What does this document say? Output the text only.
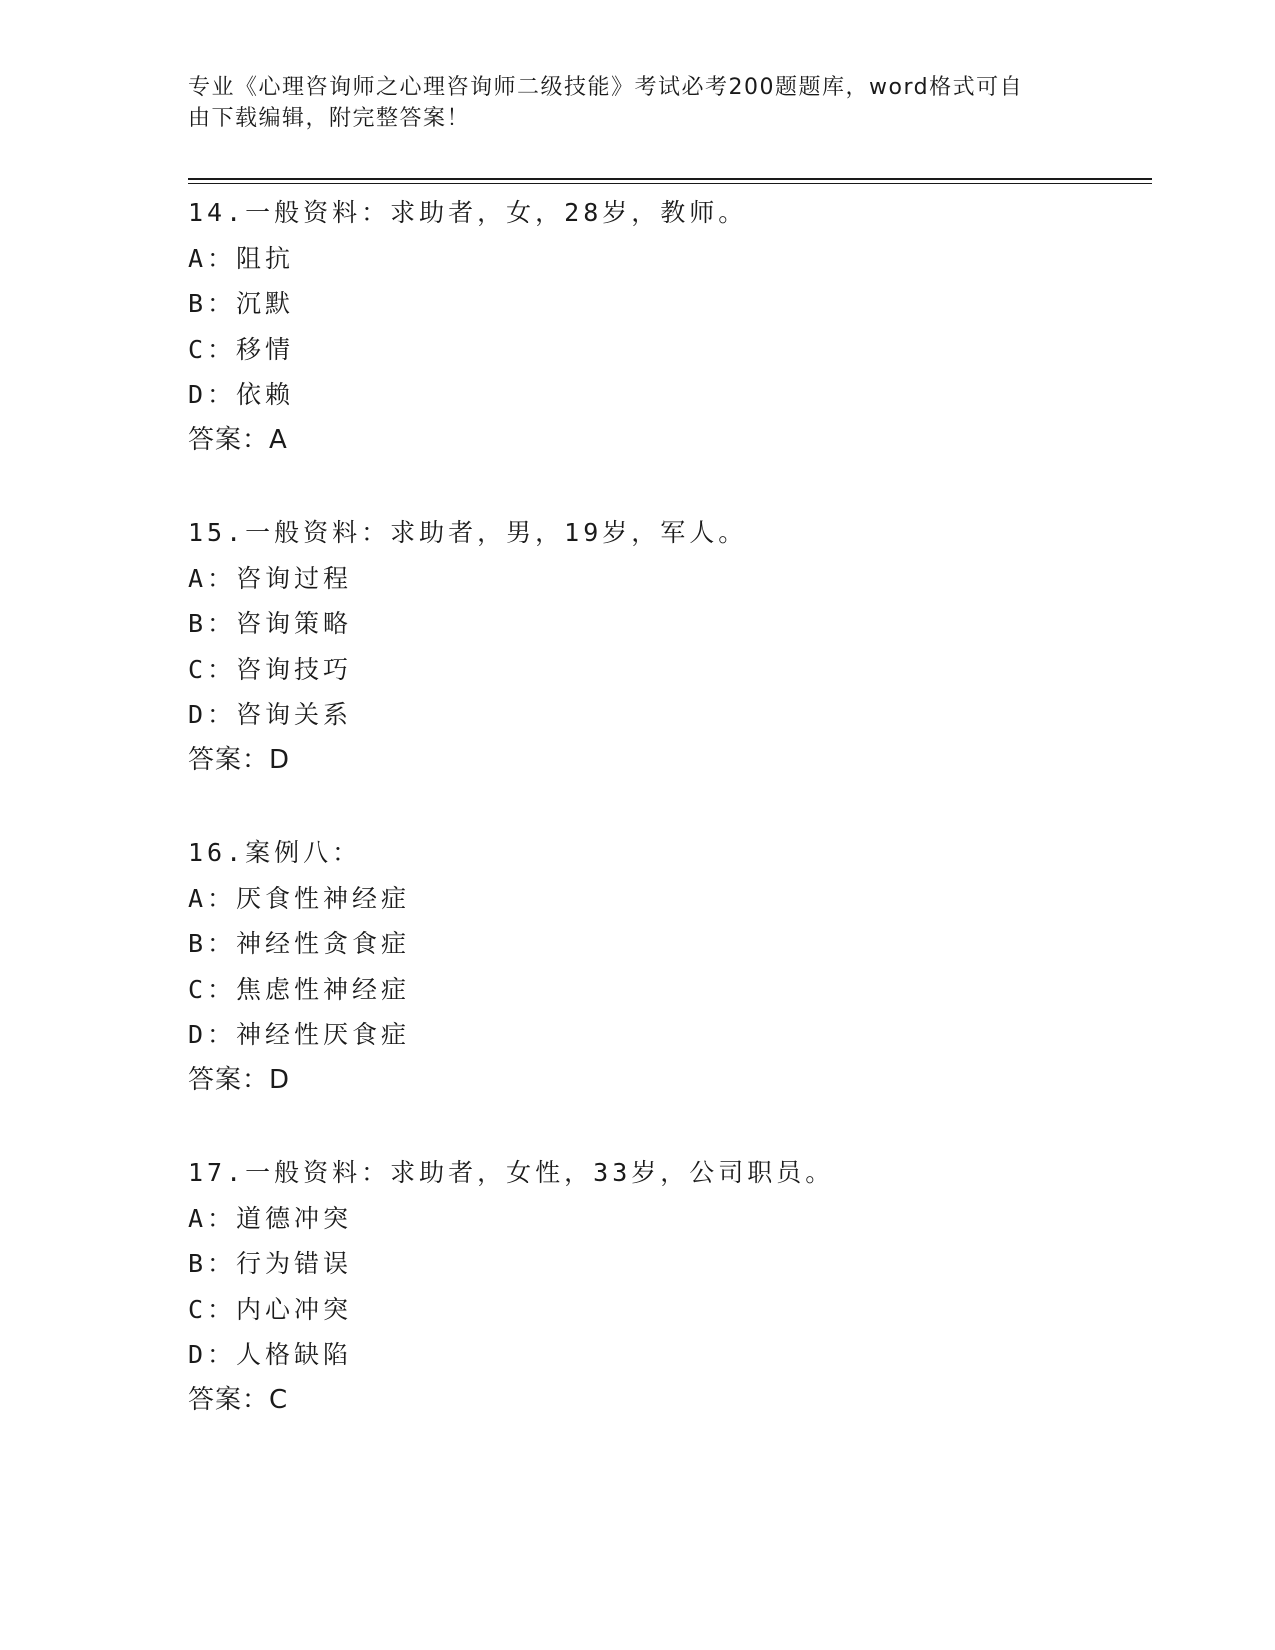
专业《心理咨询师之心理咨询师二级技能》考试必考200题题库，word格式可自
由下载编辑，附完整答案！
14.一般资料：求助者，女，28岁，教师。
A：阻抗
B：沉默
C：移情
D：依赖
答案：A
15.一般资料：求助者，男，19岁，军人。
A：咨询过程
B：咨询策略
C：咨询技巧
D：咨询关系
答案：D
16.案例八：
A：厌食性神经症
B：神经性贪食症
C：焦虑性神经症
D：神经性厌食症
答案：D
17.一般资料：求助者，女性，33岁，公司职员。
A：道德冲突
B：行为错误
C：内心冲突
D：人格缺陷
答案：C
